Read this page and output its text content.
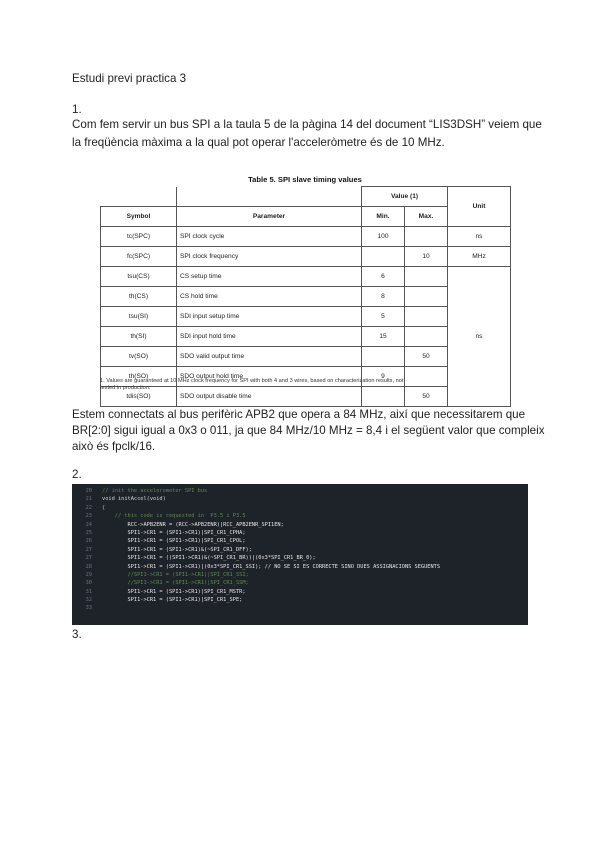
Estudi previ practica 3
1.
Com fem servir un bus SPI a la taula 5 de la pàgina 14 del document “LIS3DSH” veiem que
la freqüència màxima a la qual pot operar l'acceleròmetre és de 10 MHz.
Table 5. SPI slave timing values
		Value (1)		Unit
Symbol	Parameter	Min.	Max.	
tc(SPC)	SPI clock cycle	100		ns
fc(SPC)	SPI clock frequency		10	MHz
tsu(CS)	CS setup time	6		ns
th(CS)	CS hold time	8		
tsu(SI)	SDI input setup time	5		
th(SI)	SDI input hold time	15		
tv(SO)	SDO valid output time		50	
th(SO)	SDO output hold time	9		
tdis(SO)	SDO output disable time		50	
1. Values are guaranteed at 10 MHz clock frequency for SPI with both 4 and 3 wires, based on characterization results, not
tested in production.
Estem connectats al bus perifèric APB2 que opera a 84 MHz, així que necessitarem que
BR[2:0] sigui igual a 0x3 o 011, ja que 84 MHz/10 MHz = 8,4 i el següent valor que compleix
això és fpclk/16.
2.
20 // init the accelerometer SPI bus
21 void initAccel(void)
22 {
23    // this code is requested in  P3.5 i P3.5
24        RCC->APB2ENR = (RCC->APB2ENR)|RCC_APB2ENR_SPI1EN;
25        SPI1->CR1 = (SPI1->CR1)|SPI_CR1_CPHA;
26        SPI1->CR1 = (SPI1->CR1)|SPI_CR1_CPOL;
27        SPI1->CR1 = (SPI1->CR1)&(~SPI_CR1_DFF);
27        SPI1->CR1 = ((SPI1->CR1)&(~SPI_CR1_BR))|(0x3*SPI_CR1_BR_0);
28        SPI1->CR1 = (SPI1->CR1)|(0x3*SPI_CR1_SSI); // NO SE SI ES CORRECTE SINO DUES ASSIGNACIONS SEGUENTS
29        //SPI1->CR1 = (SPI1->CR1)|SPI_CR1_SSI;
30        //SPI1->CR1 = (SPI1->CR1)|SPI_CR1_SSM;
31        SPI1->CR1 = (SPI1->CR1)|SPI_CR1_MSTR;
32        SPI1->CR1 = (SPI1->CR1)|SPI_CR1_SPE;
33
3.
